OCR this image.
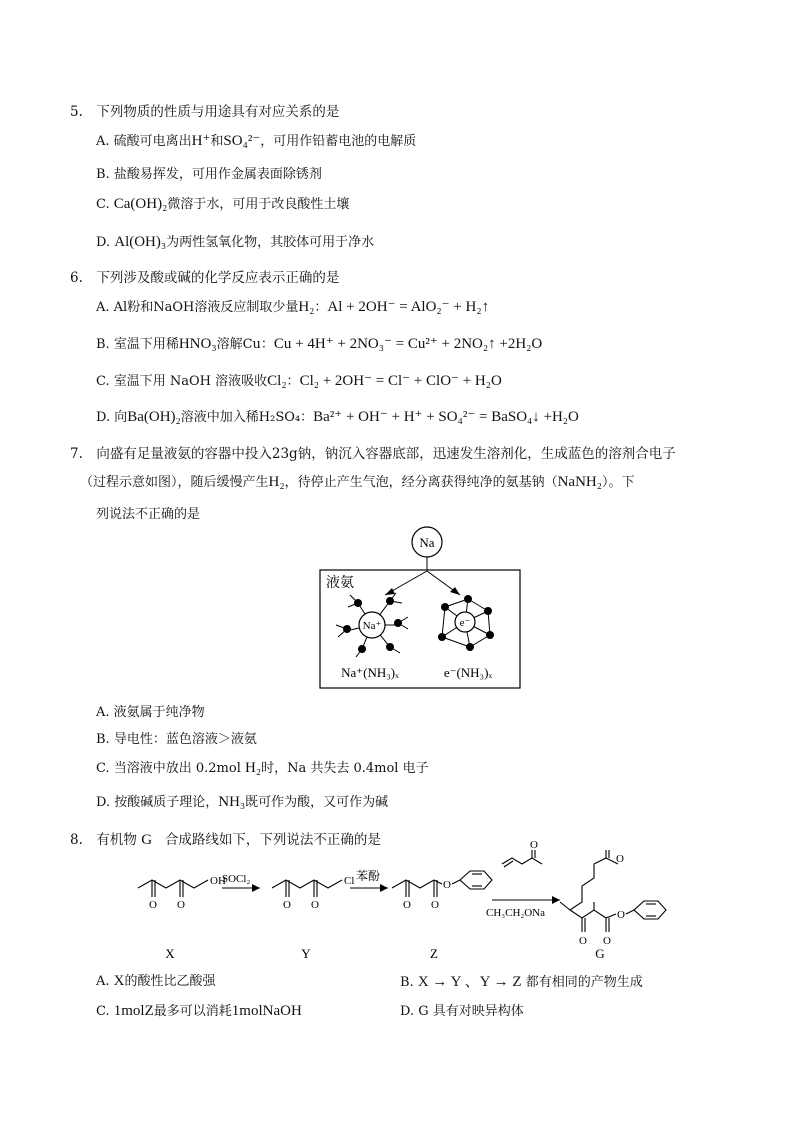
5.　下列物质的性质与用途具有对应关系的是
A. 硫酸可电离出H⁺和SO₄²⁻，可用作铅蓄电池的电解质
B. 盐酸易挥发，可用作金属表面除锈剂
C. Ca(OH)₂微溶于水，可用于改良酸性土壤
D. Al(OH)₃为两性氢氧化物，其胶体可用于净水
6.　下列涉及酸或碱的化学反应表示正确的是
A. Al粉和NaOH溶液反应制取少量H₂：Al + 2OH⁻ = AlO₂⁻ + H₂↑
B. 室温下用稀HNO₃溶解Cu：Cu + 4H⁺ + 2NO₃⁻ = Cu²⁺ + 2NO₂↑ +2H₂O
C. 室温下用 NaOH 溶液吸收Cl₂：Cl₂ + 2OH⁻ = Cl⁻ + ClO⁻ + H₂O
D. 向Ba(OH)₂溶液中加入稀H₂SO₄：Ba²⁺ + OH⁻ + H⁺ + SO₄²⁻ = BaSO₄↓ +H₂O
7.　向盛有足量液氨的容器中投入23g钠，钠沉入容器底部，迅速发生溶剂化，生成蓝色的溶剂合电子
（过程示意如图），随后缓慢产生H₂，待停止产生气泡，经分离获得纯净的氨基钠（NaNH₂）。下
列说法不正确的是
Na
液氨
Na⁺	e⁻
Na⁺(NH₃)ₓ	e⁻(NH₃)ₓ
A. 液氨属于纯净物
B. 导电性：蓝色溶液＞液氨
C. 当溶液中放出 0.2mol H₂时，Na 共失去 0.4mol 电子
D. 按酸碱质子理论，NH₃既可作为酸，又可作为碱
8.　有机物 G 合成路线如下，下列说法不正确的是
OH
O O
SOCl₂	Cl
O O
苯酚
O O
O
O
CH₃CH₂ONa
O
O O
O
X	Y	Z	G
A. X的酸性比乙酸强	B. X → Y 、Y → Z 都有相同的产物生成
C. 1molZ最多可以消耗1molNaOH	D. G 具有对映异构体
